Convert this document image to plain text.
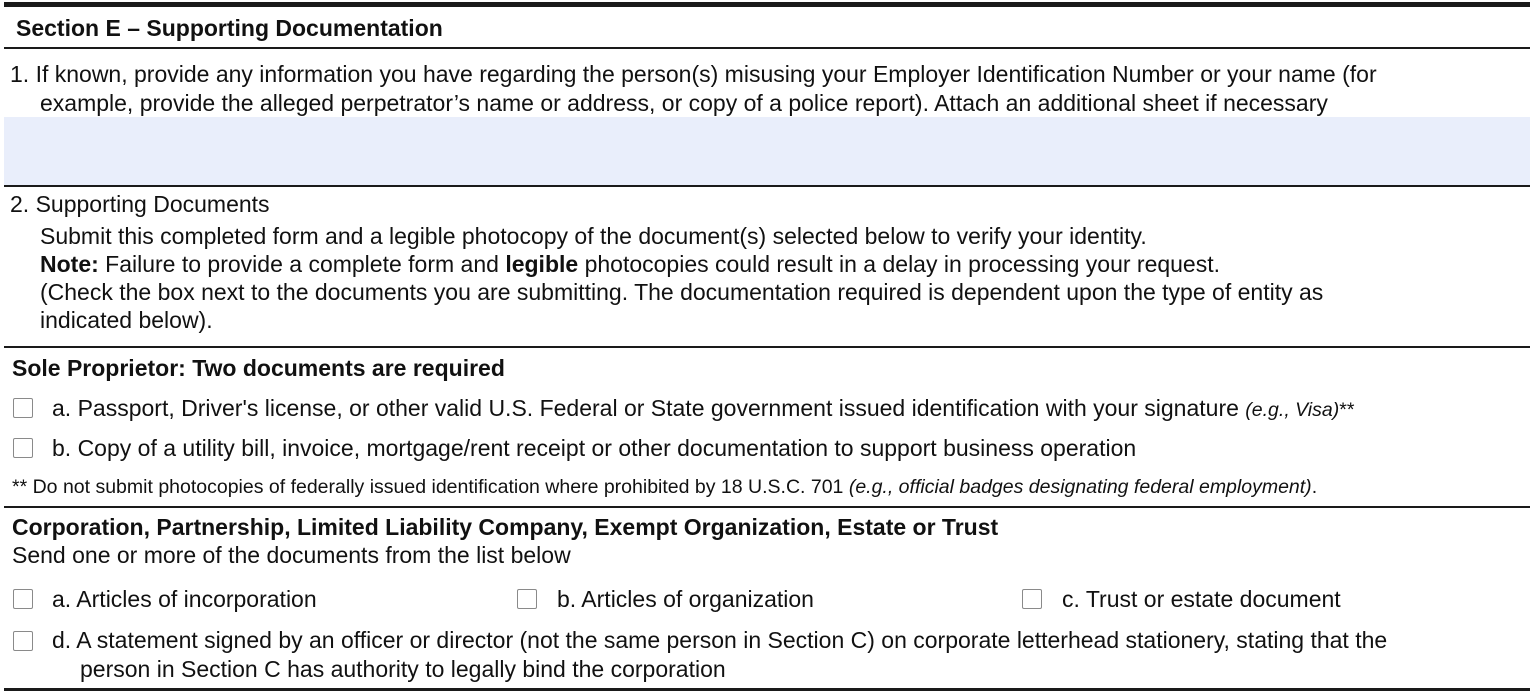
Section E – Supporting Documentation
1. If known, provide any information you have regarding the person(s) misusing your Employer Identification Number or your name (for
example, provide the alleged perpetrator’s name or address, or copy of a police report). Attach an additional sheet if necessary
2. Supporting Documents
Submit this completed form and a legible photocopy of the document(s) selected below to verify your identity.
Note: Failure to provide a complete form and legible photocopies could result in a delay in processing your request.
(Check the box next to the documents you are submitting. The documentation required is dependent upon the type of entity as
indicated below).
Sole Proprietor: Two documents are required
a. Passport, Driver's license, or other valid U.S. Federal or State government issued identification with your signature (e.g., Visa)**
b. Copy of a utility bill, invoice, mortgage/rent receipt or other documentation to support business operation
** Do not submit photocopies of federally issued identification where prohibited by 18 U.S.C. 701 (e.g., official badges designating federal employment).
Corporation, Partnership, Limited Liability Company, Exempt Organization, Estate or Trust
Send one or more of the documents from the list below
a. Articles of incorporation	b. Articles of organization	c. Trust or estate document
d. A statement signed by an officer or director (not the same person in Section C) on corporate letterhead stationery, stating that the
person in Section C has authority to legally bind the corporation
